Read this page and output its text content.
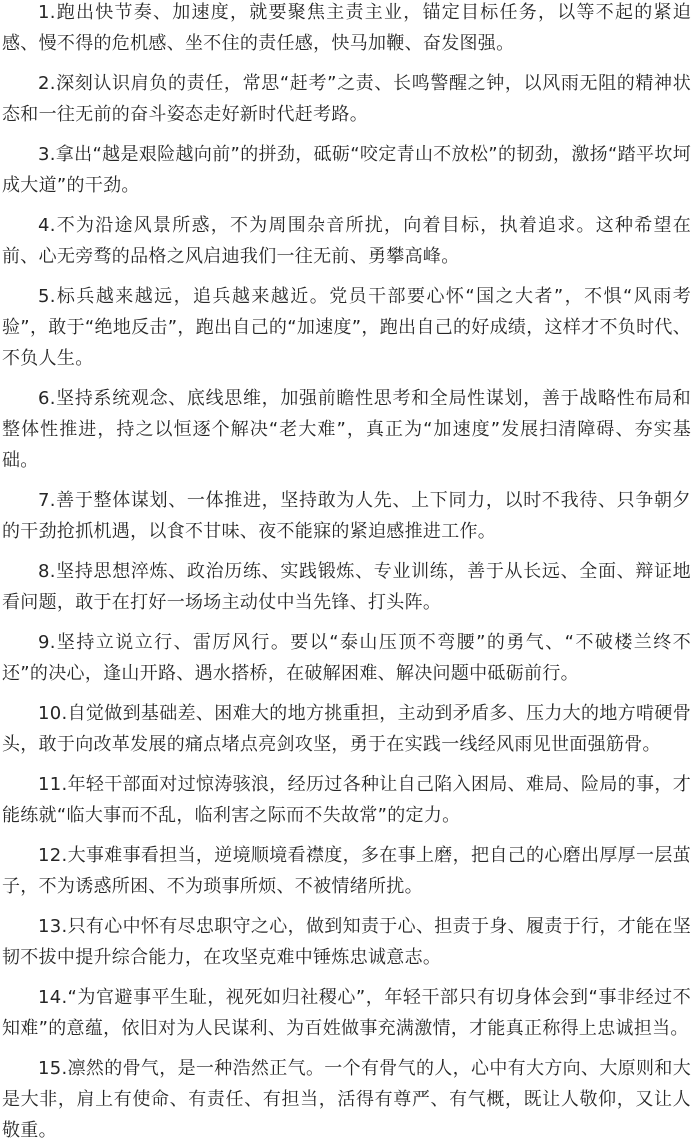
1.跑出快节奏、加速度，就要聚焦主责主业，锚定目标任务，以等不起的紧迫感、慢不得的危机感、坐不住的责任感，快马加鞭、奋发图强。

2.深刻认识肩负的责任，常思“赶考”之责、长鸣警醒之钟，以风雨无阻的精神状态和一往无前的奋斗姿态走好新时代赶考路。

3.拿出“越是艰险越向前”的拼劲，砥砺“咬定青山不放松”的韧劲，激扬“踏平坎坷成大道”的干劲。

4.不为沿途风景所惑，不为周围杂音所扰，向着目标，执着追求。这种希望在前、心无旁骛的品格之风启迪我们一往无前、勇攀高峰。

5.标兵越来越远，追兵越来越近。党员干部要心怀“国之大者”，不惧“风雨考验”，敢于“绝地反击”，跑出自己的“加速度”，跑出自己的好成绩，这样才不负时代、不负人生。

6.坚持系统观念、底线思维，加强前瞻性思考和全局性谋划，善于战略性布局和整体性推进，持之以恒逐个解决“老大难”，真正为“加速度”发展扫清障碍、夯实基础。

7.善于整体谋划、一体推进，坚持敢为人先、上下同力，以时不我待、只争朝夕的干劲抢抓机遇，以食不甘味、夜不能寐的紧迫感推进工作。

8.坚持思想淬炼、政治历练、实践锻炼、专业训练，善于从长远、全面、辩证地看问题，敢于在打好一场场主动仗中当先锋、打头阵。

9.坚持立说立行、雷厉风行。要以“泰山压顶不弯腰”的勇气、“不破楼兰终不还”的决心，逢山开路、遇水搭桥，在破解困难、解决问题中砥砺前行。

10.自觉做到基础差、困难大的地方挑重担，主动到矛盾多、压力大的地方啃硬骨头，敢于向改革发展的痛点堵点亮剑攻坚，勇于在实践一线经风雨见世面强筋骨。

11.年轻干部面对过惊涛骇浪，经历过各种让自己陷入困局、难局、险局的事，才能练就“临大事而不乱，临利害之际而不失故常”的定力。

12.大事难事看担当，逆境顺境看襟度，多在事上磨，把自己的心磨出厚厚一层茧子，不为诱惑所困、不为琐事所烦、不被情绪所扰。

13.只有心中怀有尽忠职守之心，做到知责于心、担责于身、履责于行，才能在坚韧不拔中提升综合能力，在攻坚克难中锤炼忠诚意志。

14.“为官避事平生耻，视死如归社稷心”，年轻干部只有切身体会到“事非经过不知难”的意蕴，依旧对为人民谋利、为百姓做事充满激情，才能真正称得上忠诚担当。

15.凛然的骨气，是一种浩然正气。一个有骨气的人，心中有大方向、大原则和大是大非，肩上有使命、有责任、有担当，活得有尊严、有气概，既让人敬仰，又让人敬重。
